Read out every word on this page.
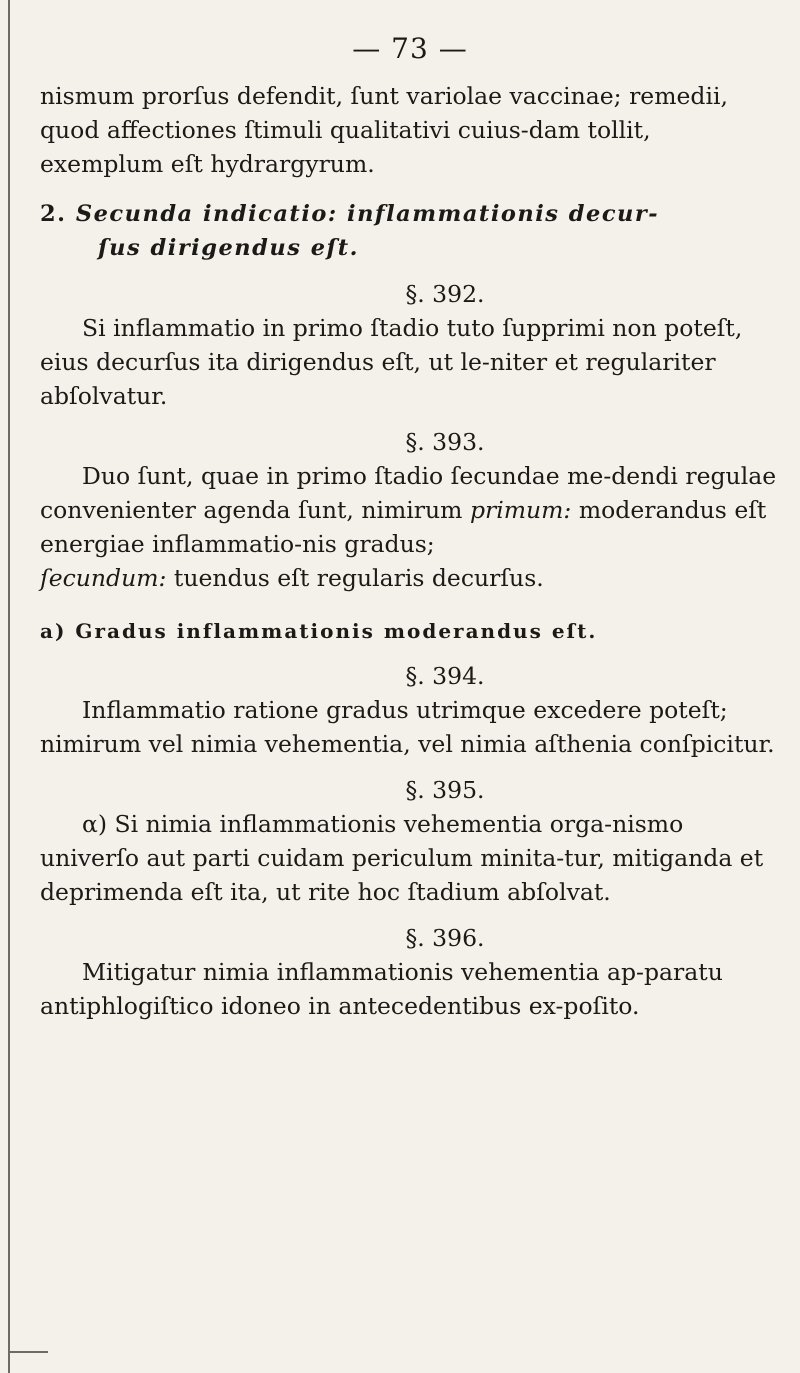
— 73 —

nismum prorſus defendit, ſunt variolae vaccinae; remedii, quod affectiones ſtimuli qualitativi cuius-dam tollit, exemplum eſt hydrargyrum.

2. Secunda indicatio: inflammationis decur-
ſus dirigendus eſt.
§. 392.

Si inflammatio in primo ſtadio tuto ſupprimi non poteſt, eius decurſus ita dirigendus eſt, ut le-niter et regulariter abſolvatur.

§. 393.

Duo ſunt, quae in primo ſtadio ſecundae me-dendi regulae convenienter agenda ſunt, nimirum primum: moderandus eſt energiae inflammatio-nis gradus;

ſecundum: tuendus eſt regularis decurſus.

a) Gradus inflammationis moderandus eſt.
§. 394.

Inflammatio ratione gradus utrimque excedere poteſt; nimirum vel nimia vehementia, vel nimia aſthenia conſpicitur.

§. 395.

α) Si nimia inflammationis vehementia orga-nismo univerſo aut parti cuidam periculum minita-tur, mitiganda et deprimenda eſt ita, ut rite hoc ſtadium abſolvat.

§. 396.

Mitigatur nimia inflammationis vehementia ap-paratu antiphlogiſtico idoneo in antecedentibus ex-poſito.
